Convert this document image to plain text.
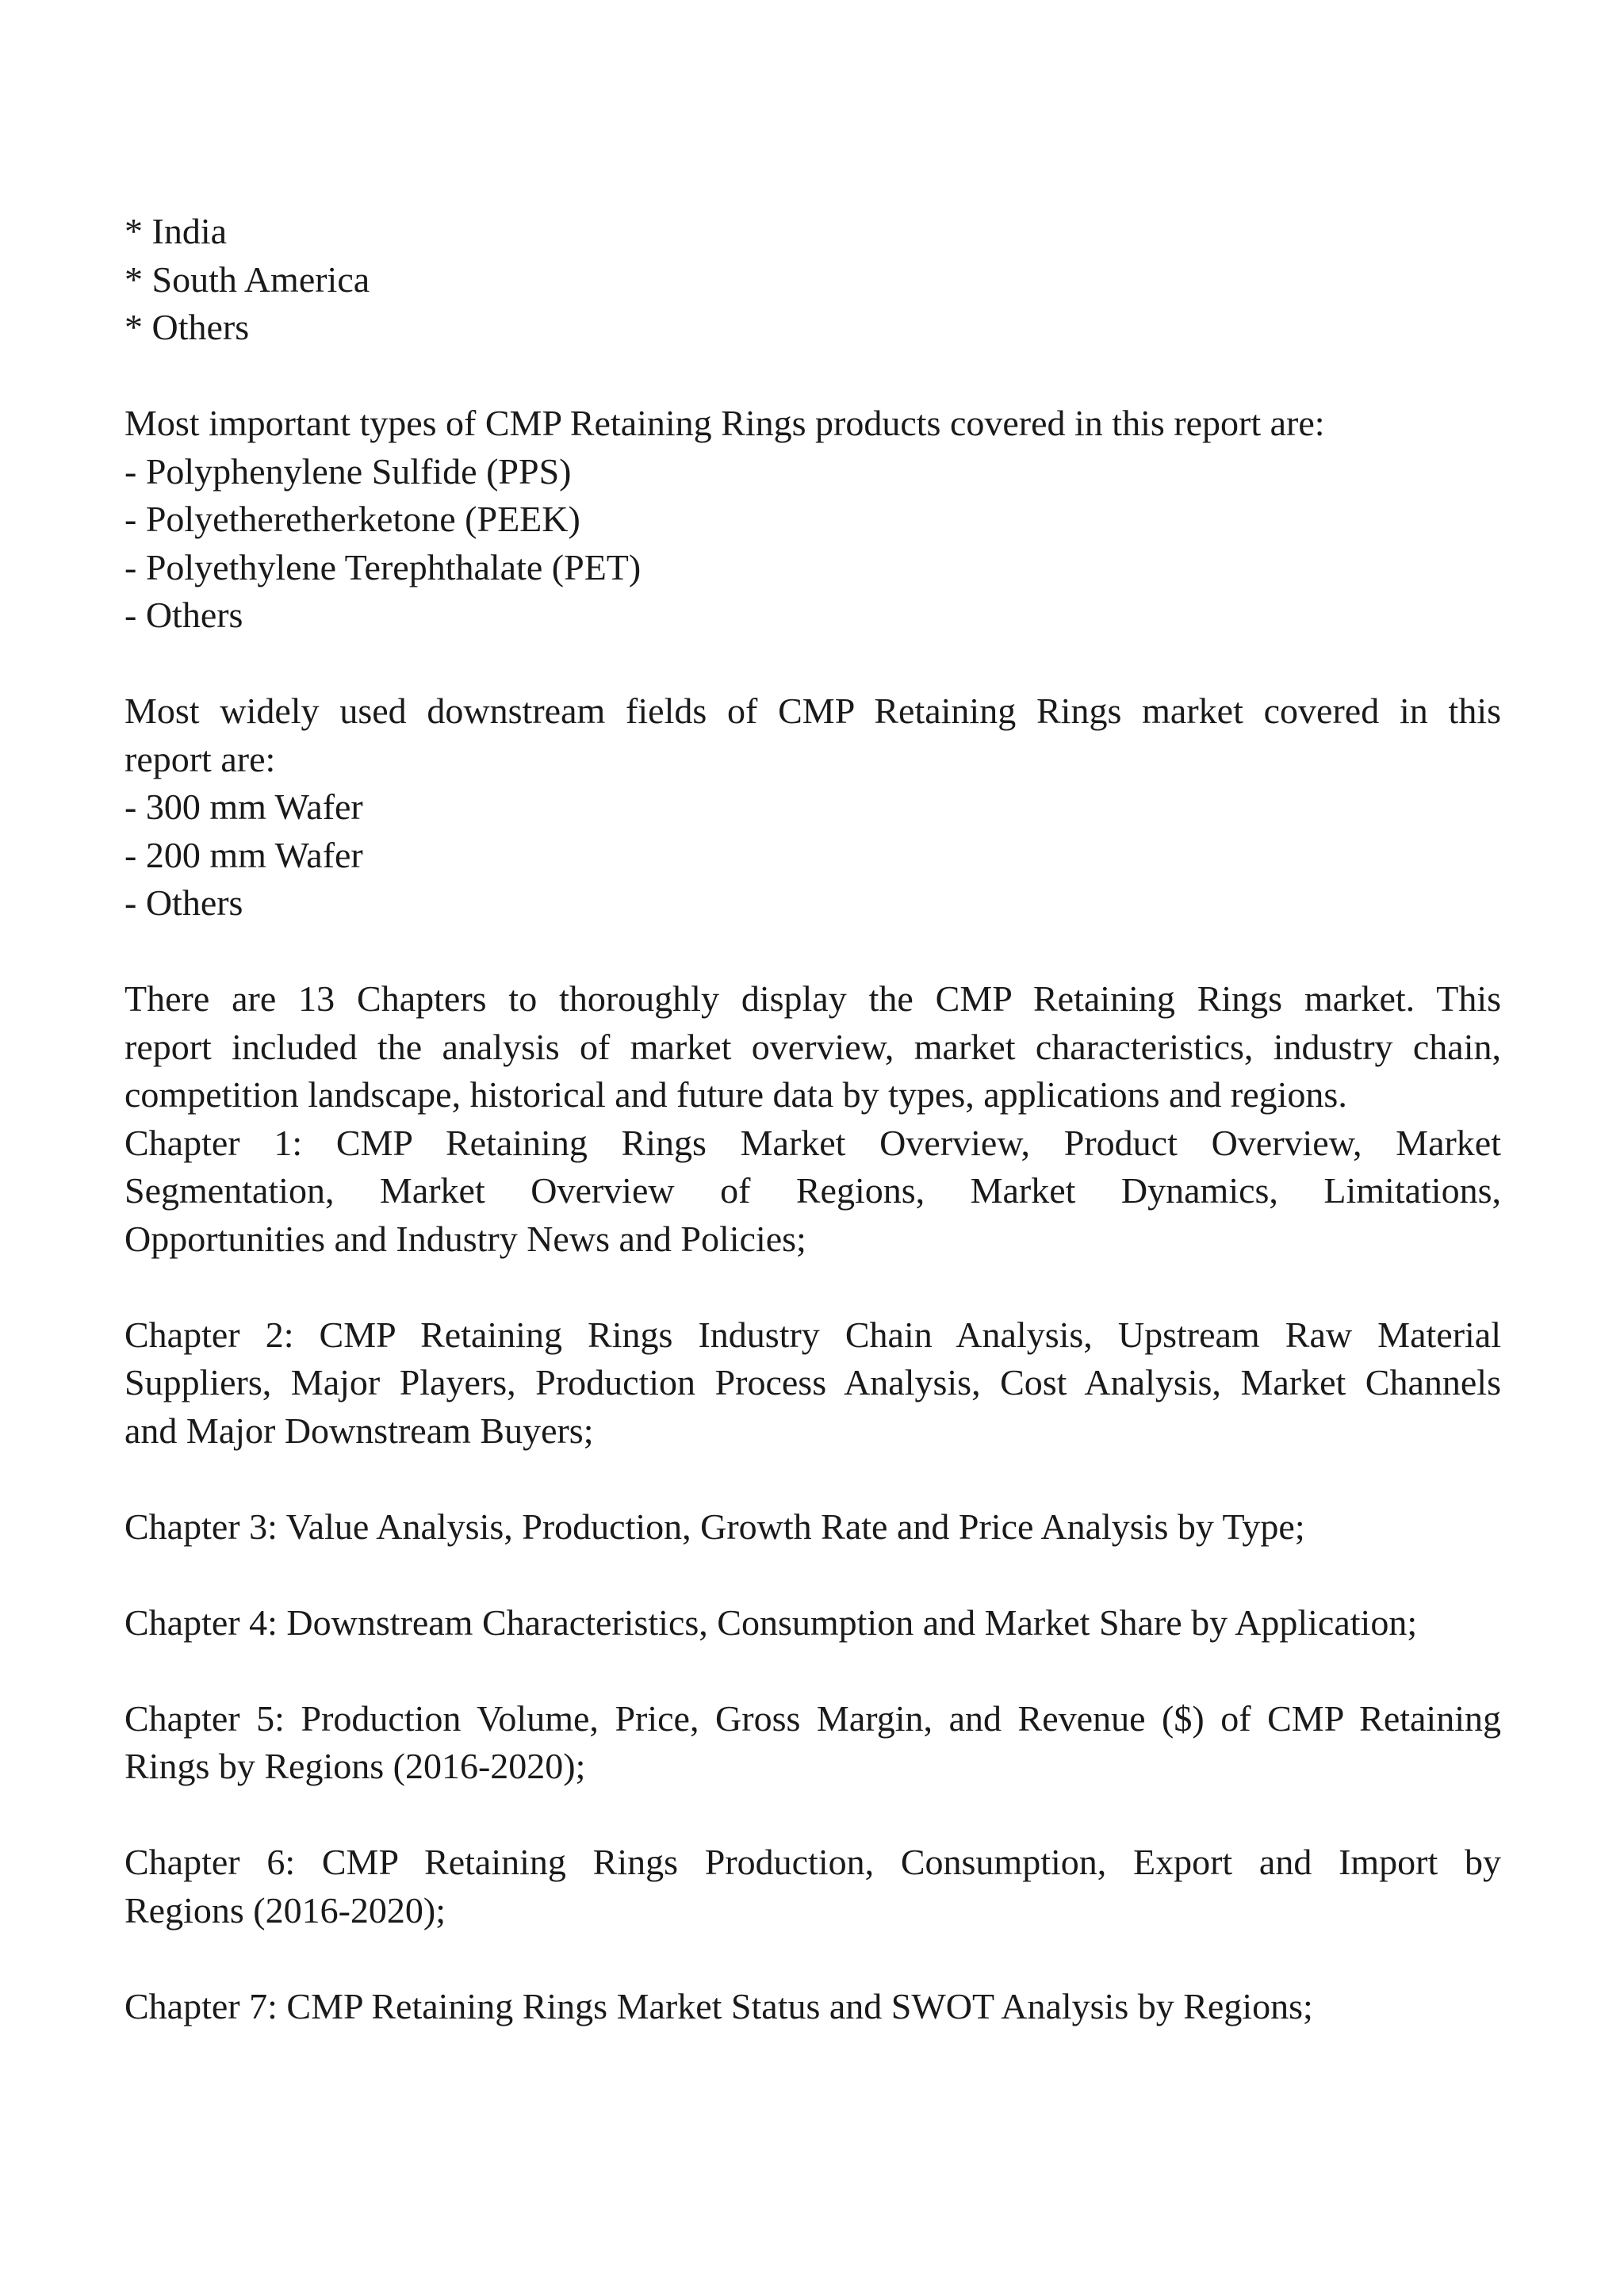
* India
* South America
* Others
Most important types of CMP Retaining Rings products covered in this report are:
- Polyphenylene Sulfide (PPS)
- Polyetheretherketone (PEEK)
- Polyethylene Terephthalate (PET)
- Others
Most widely used downstream fields of CMP Retaining Rings market covered in this
report are:
- 300 mm Wafer
- 200 mm Wafer
- Others
There are 13 Chapters to thoroughly display the CMP Retaining Rings market. This
report included the analysis of market overview, market characteristics, industry chain,
competition landscape, historical and future data by types, applications and regions.
Chapter 1: CMP Retaining Rings Market Overview, Product Overview, Market
Segmentation, Market Overview of Regions, Market Dynamics, Limitations,
Opportunities and Industry News and Policies;
Chapter 2: CMP Retaining Rings Industry Chain Analysis, Upstream Raw Material
Suppliers, Major Players, Production Process Analysis, Cost Analysis, Market Channels
and Major Downstream Buyers;
Chapter 3: Value Analysis, Production, Growth Rate and Price Analysis by Type;
Chapter 4: Downstream Characteristics, Consumption and Market Share by Application;
Chapter 5: Production Volume, Price, Gross Margin, and Revenue ($) of CMP Retaining
Rings by Regions (2016-2020);
Chapter 6: CMP Retaining Rings Production, Consumption, Export and Import by
Regions (2016-2020);
Chapter 7: CMP Retaining Rings Market Status and SWOT Analysis by Regions;
